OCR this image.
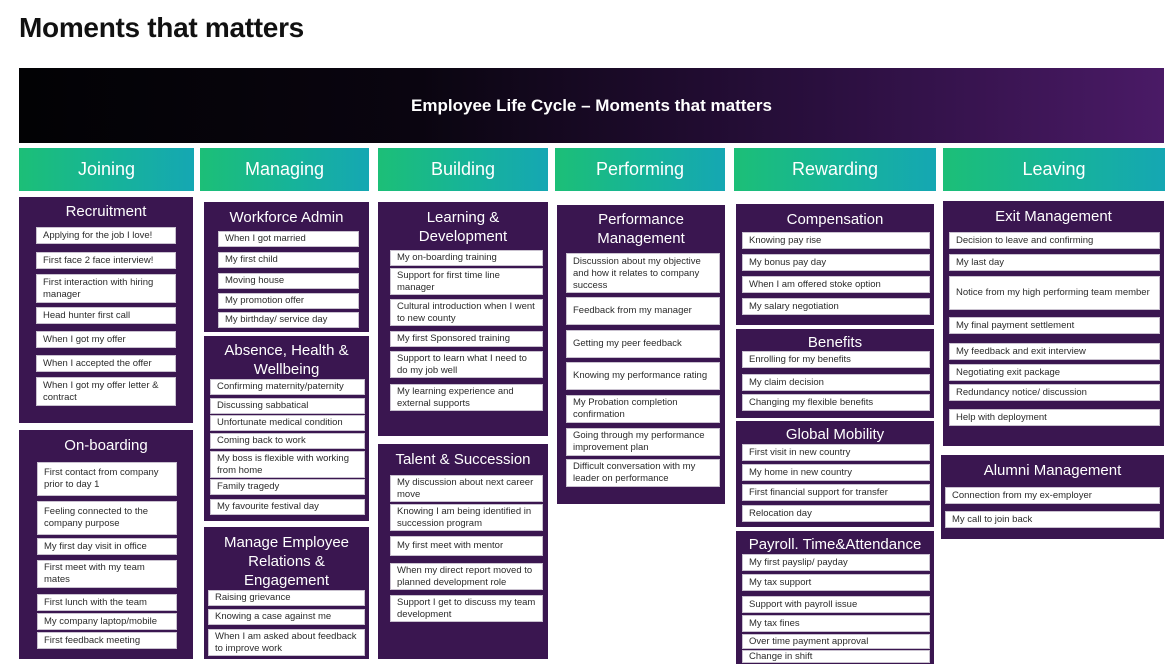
Moments that matters
Employee Life Cycle – Moments that matters
Joining	Managing	Building	Performing	Rewarding	Leaving
Recruitment
Applying for the job I love!
First face 2 face interview!
First interaction with hiring manager
Head hunter first call
When I got my offer
When I accepted the offer
When I got my offer letter & contract
On-boarding
First contact from company prior to day 1
Feeling connected to the company purpose
My first day visit in office
First meet with my team mates
First lunch with the team
My company laptop/mobile
First feedback meeting
Workforce Admin
When I got married
My first child
Moving house
My promotion offer
My birthday/ service day
Absence, Health & Wellbeing
Confirming maternity/paternity
Discussing sabbatical
Unfortunate medical condition
Coming back to work
My boss is flexible with working from home
Family tragedy
My favourite festival day
Manage Employee Relations & Engagement
Raising grievance
Knowing a case against me
When I am asked about feedback to improve work
Learning & Development
My on-boarding training
Support for first time line manager
Cultural introduction when I went to new county
My first Sponsored training
Support to learn what I need to do my job well
My learning experience and external supports
Talent & Succession
My discussion about next career move
Knowing I am being identified in succession program
My first meet with mentor
When my direct report moved to planned development role
Support I get to discuss my team development
Performance Management
Discussion about my objective and how it relates to company success
Feedback from my manager
Getting my peer feedback
Knowing my performance rating
My Probation completion confirmation
Going through my performance improvement plan
Difficult conversation with my leader on performance
Compensation
Knowing pay rise
My bonus pay day
When I am offered stoke option
My salary negotiation
Benefits
Enrolling for my benefits
My claim decision
Changing my flexible benefits
Global Mobility
First visit in new country
My home in new country
First financial support for transfer
Relocation day
Payroll. Time&Attendance
My first payslip/ payday
My tax support
Support with payroll issue
My tax fines
Over time payment approval
Change in shift
Exit Management
Decision to leave and confirming
My last day
Notice from my high performing team member
My final payment settlement
My feedback and exit interview
Negotiating exit package
Redundancy notice/ discussion
Help with deployment
Alumni Management
Connection from my ex-employer
My call to join back
